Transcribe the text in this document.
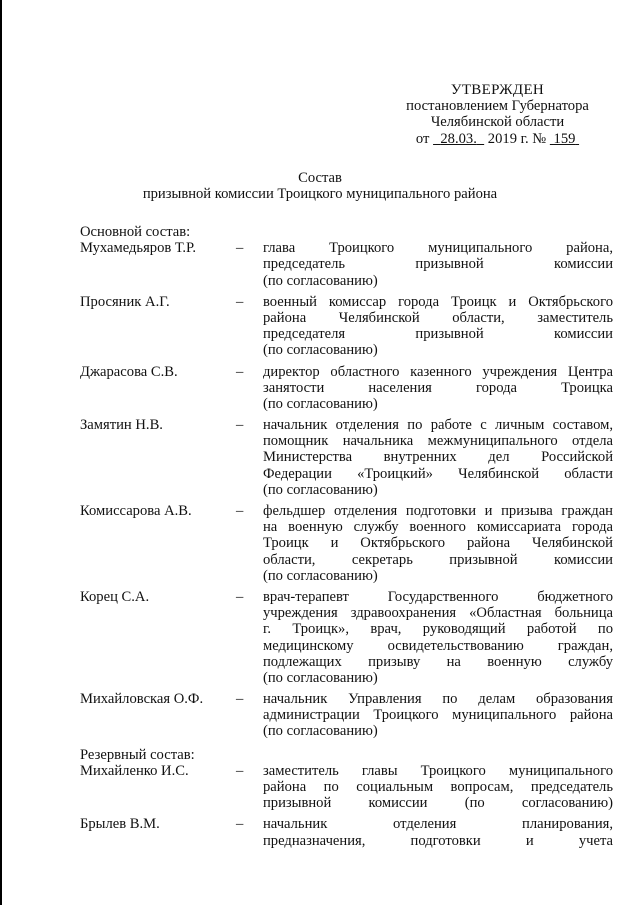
УТВЕРЖДЕН
постановлением Губернатора
Челябинской области
от 28.03. 2019 г. № 159
Состав
призывной комиссии Троицкого муниципального района
Основной состав:
Мухамедьяров Т.Р.	–	глава Троицкого муниципального района,
председатель призывной комиссии
(по согласованию)
Просяник А.Г.	–	военный комиссар города Троицк и Октябрьского
района Челябинской области, заместитель
председателя призывной комиссии
(по согласованию)
Джарасова С.В.	–	директор областного казенного учреждения Центра
занятости населения города Троицка
(по согласованию)
Замятин Н.В.	–	начальник отделения по работе с личным составом,
помощник начальника межмуниципального отдела
Министерства внутренних дел Российской
Федерации «Троицкий» Челябинской области
(по согласованию)
Комиссарова А.В.	–	фельдшер отделения подготовки и призыва граждан
на военную службу военного комиссариата города
Троицк и Октябрьского района Челябинской
области, секретарь призывной комиссии
(по согласованию)
Корец С.А.	–	врач-терапевт Государственного бюджетного
учреждения здравоохранения «Областная больница
г. Троицк», врач, руководящий работой по
медицинскому освидетельствованию граждан,
подлежащих призыву на военную службу
(по согласованию)
Михайловская О.Ф.	–	начальник Управления по делам образования
администрации Троицкого муниципального района
(по согласованию)
Резервный состав:
Михайленко И.С.	–	заместитель главы Троицкого муниципального
района по социальным вопросам, председатель
призывной комиссии (по согласованию)
Брылев В.М.	–	начальник отделения планирования,
предназначения, подготовки и учета
